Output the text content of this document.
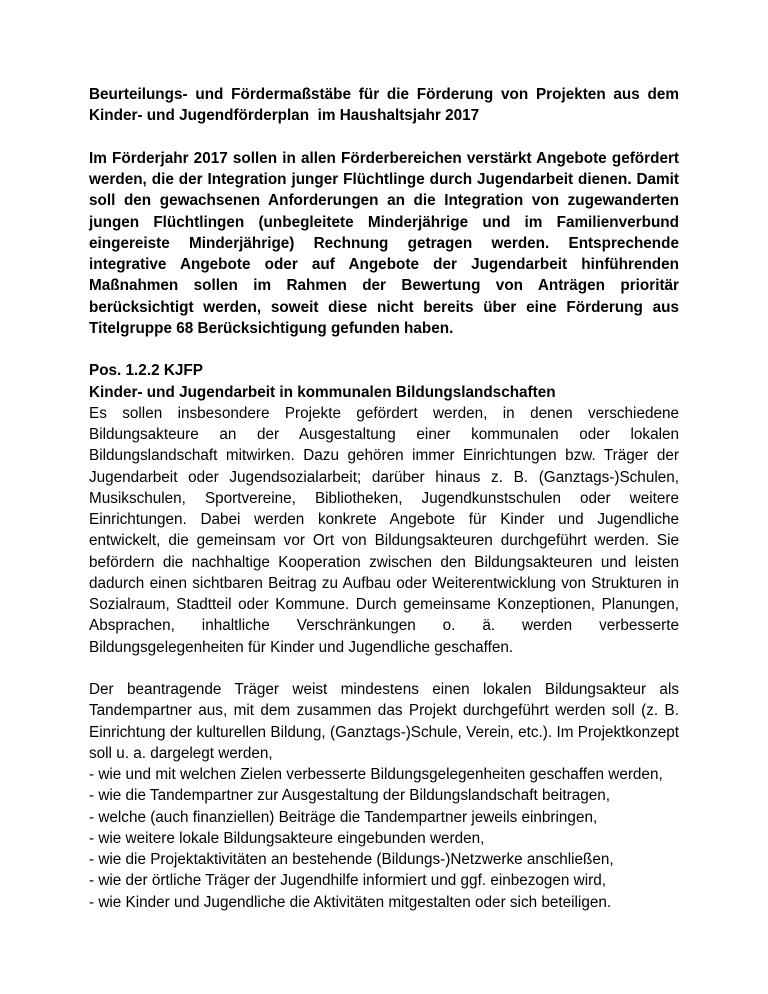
Beurteilungs- und Fördermaßstäbe für die Förderung von Projekten aus dem Kinder- und Jugendförderplan  im Haushaltsjahr 2017

Im Förderjahr 2017 sollen in allen Förderbereichen verstärkt Angebote gefördert werden, die der Integration junger Flüchtlinge durch Jugendarbeit dienen. Damit soll den gewachsenen Anforderungen an die Integration von zugewanderten jungen Flüchtlingen (unbegleitete Minderjährige und im Familienverbund eingereiste Minderjährige) Rechnung getragen werden. Entsprechende integrative Angebote oder auf Angebote der Jugendarbeit hinführenden Maßnahmen sollen im Rahmen der Bewertung von Anträgen prioritär berücksichtigt werden, soweit diese nicht bereits über eine Förderung aus Titelgruppe 68 Berücksichtigung gefunden haben.

Pos. 1.2.2 KJFP
Kinder- und Jugendarbeit in kommunalen Bildungslandschaften

Es sollen insbesondere Projekte gefördert werden, in denen verschiedene Bildungsakteure an der Ausgestaltung einer kommunalen oder lokalen Bildungslandschaft mitwirken. Dazu gehören immer Einrichtungen bzw. Träger der Jugendarbeit oder Jugendsozialarbeit; darüber hinaus z. B. (Ganztags-)Schulen, Musikschulen, Sportvereine, Bibliotheken, Jugendkunstschulen oder weitere Einrichtungen. Dabei werden konkrete Angebote für Kinder und Jugendliche entwickelt, die gemeinsam vor Ort von Bildungsakteuren durchgeführt werden. Sie befördern die nachhaltige Kooperation zwischen den Bildungsakteuren und leisten dadurch einen sichtbaren Beitrag zu Aufbau oder Weiterentwicklung von Strukturen in Sozialraum, Stadtteil oder Kommune. Durch gemeinsame Konzeptionen, Planungen, Absprachen, inhaltliche Verschränkungen o. ä. werden verbesserte Bildungsgelegenheiten für Kinder und Jugendliche geschaffen.

Der beantragende Träger weist mindestens einen lokalen Bildungsakteur als Tandempartner aus, mit dem zusammen das Projekt durchgeführt werden soll (z. B. Einrichtung der kulturellen Bildung, (Ganztags-)Schule, Verein, etc.). Im Projektkonzept soll u. a. dargelegt werden,

- wie und mit welchen Zielen verbesserte Bildungsgelegenheiten geschaffen werden,
- wie die Tandempartner zur Ausgestaltung der Bildungslandschaft beitragen,
- welche (auch finanziellen) Beiträge die Tandempartner jeweils einbringen,
- wie weitere lokale Bildungsakteure eingebunden werden,
- wie die Projektaktivitäten an bestehende (Bildungs-)Netzwerke anschließen,
- wie der örtliche Träger der Jugendhilfe informiert und ggf. einbezogen wird,
- wie Kinder und Jugendliche die Aktivitäten mitgestalten oder sich beteiligen.
